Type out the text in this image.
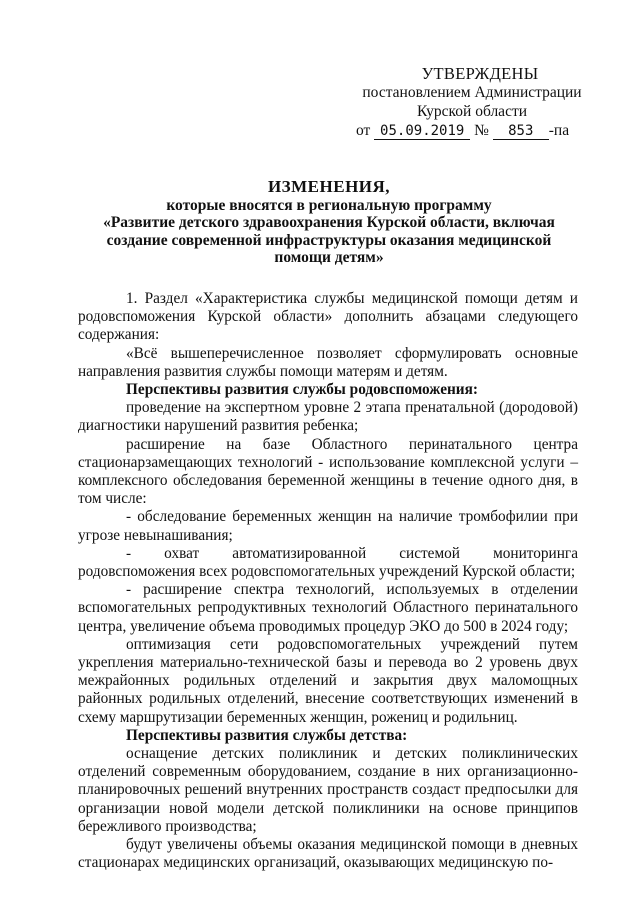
УТВЕРЖДЕНЫ
постановлением Администрации
Курской области
от 05.09.2019 № 853 -па
ИЗМЕНЕНИЯ,
которые вносятся в региональную программу
«Развитие детского здравоохранения Курской области, включая создание современной инфраструктуры оказания медицинской помощи детям»

1. Раздел «Характеристика службы медицинской помощи детям и родовспоможения Курской области» дополнить абзацами следующего содержания:

«Всё вышеперечисленное позволяет сформулировать основные направления развития службы помощи матерям и детям.

Перспективы развития службы родовспоможения:

проведение на экспертном уровне 2 этапа пренатальной (дородовой) диагностики нарушений развития ребенка;

расширение на базе Областного перинатального центра стационарзамещающих технологий - использование комплексной услуги – комплексного обследования беременной женщины в течение одного дня, в том числе:

- обследование беременных женщин на наличие тромбофилии при угрозе невынашивания;

- охват автоматизированной системой мониторинга родовспоможения всех родовспомогательных учреждений Курской области;

- расширение спектра технологий, используемых в отделении вспомогательных репродуктивных технологий Областного перинатального центра, увеличение объема проводимых процедур ЭКО до 500 в 2024 году;

оптимизация сети родовспомогательных учреждений путем укрепления материально-технической базы и перевода во 2 уровень двух межрайонных родильных отделений и закрытия двух маломощных районных родильных отделений, внесение соответствующих изменений в схему маршрутизации беременных женщин, рожениц и родильниц.

Перспективы развития службы детства:

оснащение детских поликлиник и детских поликлинических отделений современным оборудованием, создание в них организационно-планировочных решений внутренних пространств создаст предпосылки для организации новой модели детской поликлиники на основе принципов бережливого производства;

будут увеличены объемы оказания медицинской помощи в дневных стационарах медицинских организаций, оказывающих медицинскую по-
